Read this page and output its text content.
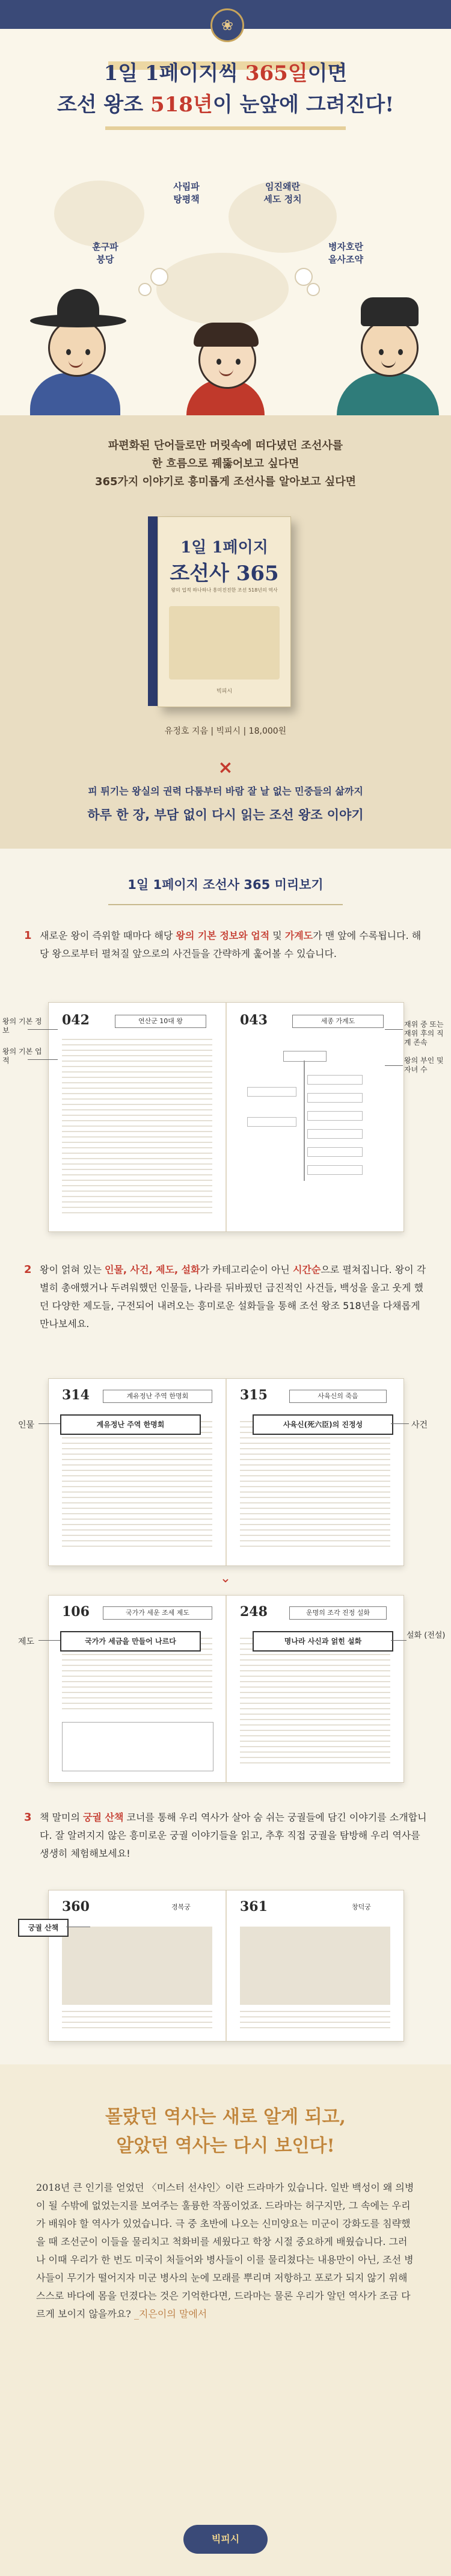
❀
1일 1페이지씩 365일이면
조선 왕조 518년이 눈앞에 그려진다!
사림파
탕평책
임진왜란
세도 정치
훈구파
붕당
병자호란
을사조약
파편화된 단어들로만 머릿속에 떠다녔던 조선사를
한 흐름으로 꿰뚫어보고 싶다면
365가지 이야기로 흥미롭게 조선사를 알아보고 싶다면
1일 1페이지
조선사 365
왕의 업적 하나하나 흥미진진한 조선 518년의 역사
빅피시
유정호 지음 | 빅피시 | 18,000원
×
피 튀기는 왕실의 권력 다툼부터 바람 잘 날 없는 민중들의 삶까지
하루 한 장, 부담 없이 다시 읽는 조선 왕조 이야기
1일 1페이지 조선사 365 미리보기
1 새로운 왕이 즉위할 때마다 해당 왕의 기본 정보와 업적 및 가계도가 맨 앞에 수록됩니다. 해당 왕으로부터 펼쳐질 앞으로의 사건들을 간략하게 훑어볼 수 있습니다.
042	연산군 10대 왕	043	세종 가계도
왕의 기본 정보
왕의 기본 업적
재위 중 또는 재위 후의 직계 존속
왕의 부인 및 자녀 수
2 왕이 얽혀 있는 인물, 사건, 제도, 설화가 카테고리순이 아닌 시간순으로 펼쳐집니다. 왕이 각별히 총애했거나 두려워했던 인물들, 나라를 뒤바꿨던 급진적인 사건들, 백성을 울고 웃게 했던 다양한 제도들, 구전되어 내려오는 흥미로운 설화들을 통해 조선 왕조 518년을 다채롭게 만나보세요.
314	계유정난 주역 한명회	315	사육신의 죽음
계유정난 주역 한명회	사육신(死六臣)의 진정성
인물	사건
⌄
106	국가가 세운 조세 제도	248	운명의 조각 진정 설화
국가가 세금을 만들어 나르다	명나라 사신과 얽힌 설화
제도
설화 (전설)
3 책 말미의 궁궐 산책 코너를 통해 우리 역사가 살아 숨 쉬는 궁궐들에 담긴 이야기를 소개합니다. 잘 알려지지 않은 흥미로운 궁궐 이야기들을 읽고, 추후 직접 궁궐을 탐방해 우리 역사를 생생히 체험해보세요!
360	경복궁	361	창덕궁
궁궐 산책
몰랐던 역사는 새로 알게 되고,
알았던 역사는 다시 보인다!
2018년 큰 인기를 얻었던 〈미스터 선샤인〉이란 드라마가 있습니다. 일반 백성이 왜 의병이 될 수밖에 없었는지를 보여주는 훌륭한 작품이었죠. 드라마는 허구지만, 그 속에는 우리가 배워야 할 역사가 있었습니다. 극 중 초반에 나오는 신미양요는 미군이 강화도를 침략했을 때 조선군이 이들을 물리치고 척화비를 세웠다고 학창 시절 중요하게 배웠습니다. 그러나 이때 우리가 한 번도 미국이 처들어와 병사들이 이를 물리쳤다는 내용만이 아닌, 조선 병사들이 무기가 떨어지자 미군 병사의 눈에 모래를 뿌리며 저항하고 포로가 되지 않기 위해 스스로 바다에 몸을 던졌다는 것은 기억한다면, 드라마는 물론 우리가 알던 역사가 조금 다르게 보이지 않을까요? _지은이의 말에서
빅피시
